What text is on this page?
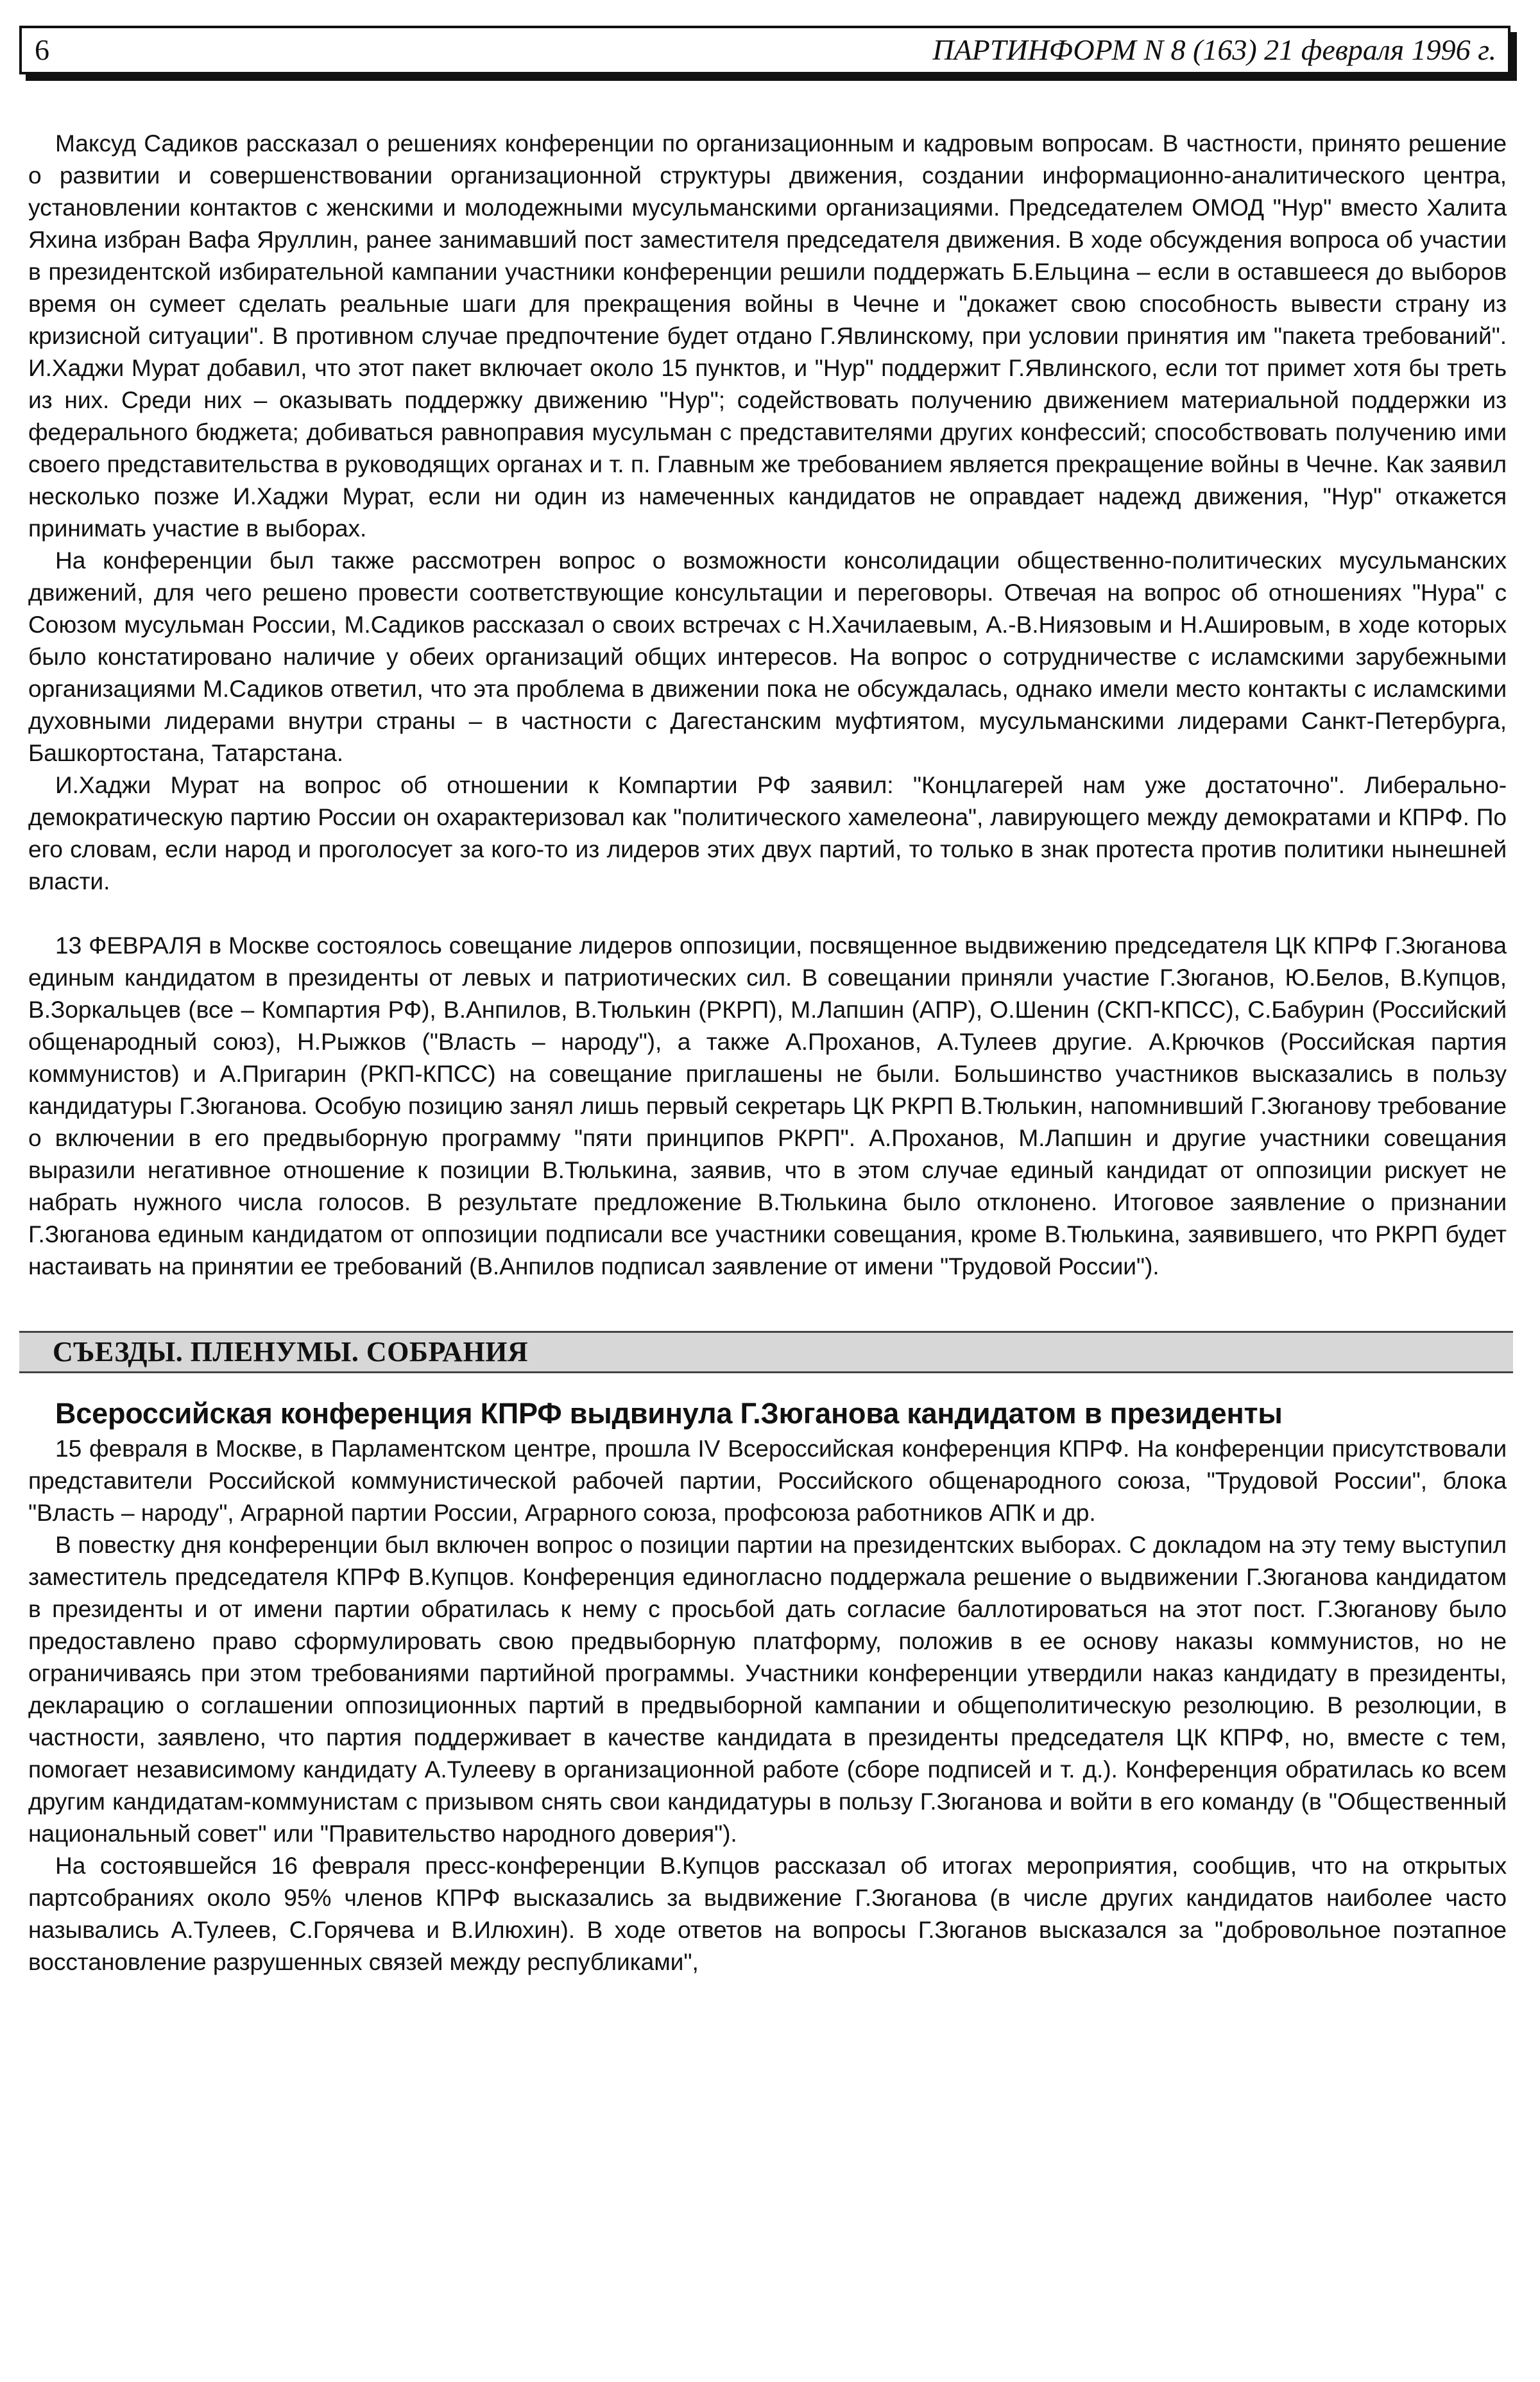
6	ПАРТИНФОРМ N 8 (163) 21 февраля 1996 г.

Максуд Садиков рассказал о решениях конференции по организационным и кадровым вопросам. В частности, принято решение о развитии и совершенствовании организационной структуры движения, создании информационно-аналитического центра, установлении контактов с женскими и молодежными мусульманскими организациями. Председателем ОМОД "Нур" вместо Халита Яхина избран Вафа Яруллин, ранее занимавший пост заместителя председателя движения. В ходе обсуждения вопроса об участии в президентской избирательной кампании участники конференции решили поддержать Б.Ельцина – если в оставшееся до выборов время он сумеет сделать реальные шаги для прекращения войны в Чечне и "докажет свою способность вывести страну из кризисной ситуации". В противном случае предпочтение будет отдано Г.Явлинскому, при условии принятия им "пакета требований". И.Хаджи Мурат добавил, что этот пакет включает около 15 пунктов, и "Нур" поддержит Г.Явлинского, если тот примет хотя бы треть из них. Среди них – оказывать поддержку движению "Нур"; содействовать получению движением материальной поддержки из федерального бюджета; добиваться равноправия мусульман с представителями других конфессий; способствовать получению ими своего представительства в руководящих органах и т. п. Главным же требованием является прекращение войны в Чечне. Как заявил несколько позже И.Хаджи Мурат, если ни один из намеченных кандидатов не оправдает надежд движения, "Нур" откажется принимать участие в выборах.

На конференции был также рассмотрен вопрос о возможности консолидации общественно-политических мусульманских движений, для чего решено провести соответствующие консультации и переговоры. Отвечая на вопрос об отношениях "Нура" с Союзом мусульман России, М.Садиков рассказал о своих встречах с Н.Хачилаевым, А.-В.Ниязовым и Н.Ашировым, в ходе которых было констатировано наличие у обеих организаций общих интересов. На вопрос о сотрудничестве с исламскими зарубежными организациями М.Садиков ответил, что эта проблема в движении пока не обсуждалась, однако имели место контакты с исламскими духовными лидерами внутри страны – в частности с Дагестанским муфтиятом, мусульманскими лидерами Санкт-Петербурга, Башкортостана, Татарстана.

И.Хаджи Мурат на вопрос об отношении к Компартии РФ заявил: "Концлагерей нам уже достаточно". Либерально-демократическую партию России он охарактеризовал как "политического хамелеона", лавирующего между демократами и КПРФ. По его словам, если народ и проголосует за кого-то из лидеров этих двух партий, то только в знак протеста против политики нынешней власти.

13 ФЕВРАЛЯ в Москве состоялось совещание лидеров оппозиции, посвященное выдвижению председателя ЦК КПРФ Г.Зюганова единым кандидатом в президенты от левых и патриотических сил. В совещании приняли участие Г.Зюганов, Ю.Белов, В.Купцов, В.Зоркальцев (все – Компартия РФ), В.Анпилов, В.Тюлькин (РКРП), М.Лапшин (АПР), О.Шенин (СКП-КПСС), С.Бабурин (Российский общенародный союз), Н.Рыжков ("Власть – народу"), а также А.Проханов, А.Тулеев другие. А.Крючков (Российская партия коммунистов) и А.Пригарин (РКП-КПСС) на совещание приглашены не были. Большинство участников высказались в пользу кандидатуры Г.Зюганова. Особую позицию занял лишь первый секретарь ЦК РКРП В.Тюлькин, напомнивший Г.Зюганову требование о включении в его предвыборную программу "пяти принципов РКРП". А.Проханов, М.Лапшин и другие участники совещания выразили негативное отношение к позиции В.Тюлькина, заявив, что в этом случае единый кандидат от оппозиции рискует не набрать нужного числа голосов. В результате предложение В.Тюлькина было отклонено. Итоговое заявление о признании Г.Зюганова единым кандидатом от оппозиции подписали все участники совещания, кроме В.Тюлькина, заявившего, что РКРП будет настаивать на принятии ее требований (В.Анпилов подписал заявление от имени "Трудовой России").

СЪЕЗДЫ. ПЛЕНУМЫ. СОБРАНИЯ
Всероссийская конференция КПРФ выдвинула Г.Зюганова кандидатом в президенты

15 февраля в Москве, в Парламентском центре, прошла IV Всероссийская конференция КПРФ. На конференции присутствовали представители Российской коммунистической рабочей партии, Российского общенародного союза, "Трудовой России", блока "Власть – народу", Аграрной партии России, Аграрного союза, профсоюза работников АПК и др.

В повестку дня конференции был включен вопрос о позиции партии на президентских выборах. С докладом на эту тему выступил заместитель председателя КПРФ В.Купцов. Конференция единогласно поддержала решение о выдвижении Г.Зюганова кандидатом в президенты и от имени партии обратилась к нему с просьбой дать согласие баллотироваться на этот пост. Г.Зюганову было предоставлено право сформулировать свою предвыборную платформу, положив в ее основу наказы коммунистов, но не ограничиваясь при этом требованиями партийной программы. Участники конференции утвердили наказ кандидату в президенты, декларацию о соглашении оппозиционных партий в предвыборной кампании и общеполитическую резолюцию. В резолюции, в частности, заявлено, что партия поддерживает в качестве кандидата в президенты председателя ЦК КПРФ, но, вместе с тем, помогает независимому кандидату А.Тулееву в организационной работе (сборе подписей и т. д.). Конференция обратилась ко всем другим кандидатам-коммунистам с призывом снять свои кандидатуры в пользу Г.Зюганова и войти в его команду (в "Общественный национальный совет" или "Правительство народного доверия").

На состоявшейся 16 февраля пресс-конференции В.Купцов рассказал об итогах мероприятия, сообщив, что на открытых партсобраниях около 95% членов КПРФ высказались за выдвижение Г.Зюганова (в числе других кандидатов наиболее часто назывались А.Тулеев, С.Горячева и В.Илюхин). В ходе ответов на вопросы Г.Зюганов высказался за "добровольное поэтапное восстановление разрушенных связей между республиками",
